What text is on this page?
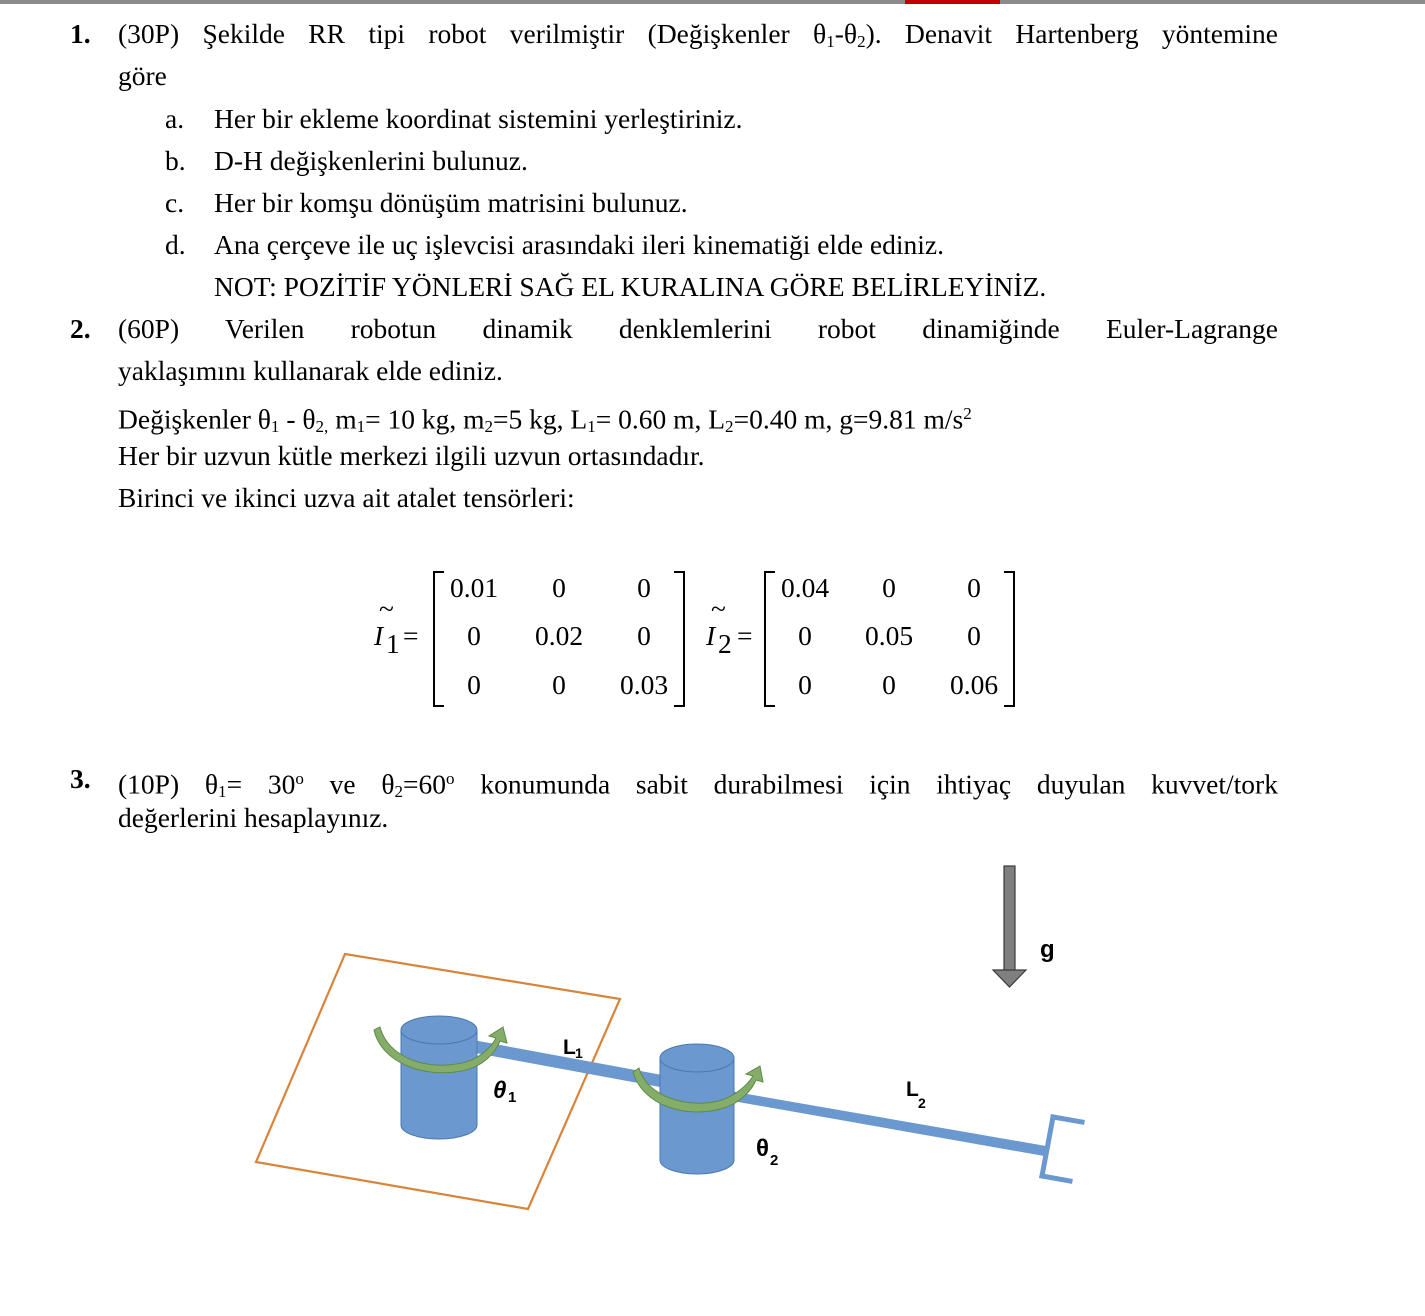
1. (30P) Şekilde RR tipi robot verilmiştir (Değişkenler $\theta_1-\theta_2$). Denavit Hartenberg yöntemine
göre
a. Her bir ekleme koordinat sistemini yerleştiriniz.
b. D-H değişkenlerini bulunuz.
c. Her bir komşu dönüşüm matrisini bulunuz.
d. Ana çerçeve ile uç işlevcisi arasındaki ileri kinematiği elde ediniz.
NOT: POZİTİF YÖNLERİ SAĞ EL KURALINA GÖRE BELİRLEYİNİZ.
2. (60P) Verilen robotun dinamik denklemlerini robot dinamiğinde Euler-Lagrange
yaklaşımını kullanarak elde ediniz.
Değişkenler $\theta_1 - \theta_{2,}$ $m_1= 10$ kg, $m_2=5$ kg, $L_1= 0.60$ m, $L_2=0.40$ m, g=9.81 $m/s^2$
Her bir uzvun kütle merkezi ilgili uzvun ortasındadır.
Birinci ve ikinci uzva ait atalet tensörleri:
I
~
1 =
0.01 0	0
0 0.02 0
0	0 0.03
I
~
2 =
0.04 0	0
0 0.05 0
0	0 0.06
3. (10P) $\theta_1= 30^o$ ve $\theta_2=60^o$ konumunda sabit durabilmesi için ihtiyaç duyulan kuvvet/tork
değerlerini hesaplayınız.
g
L 1
L
2
θ 1
θ 2
